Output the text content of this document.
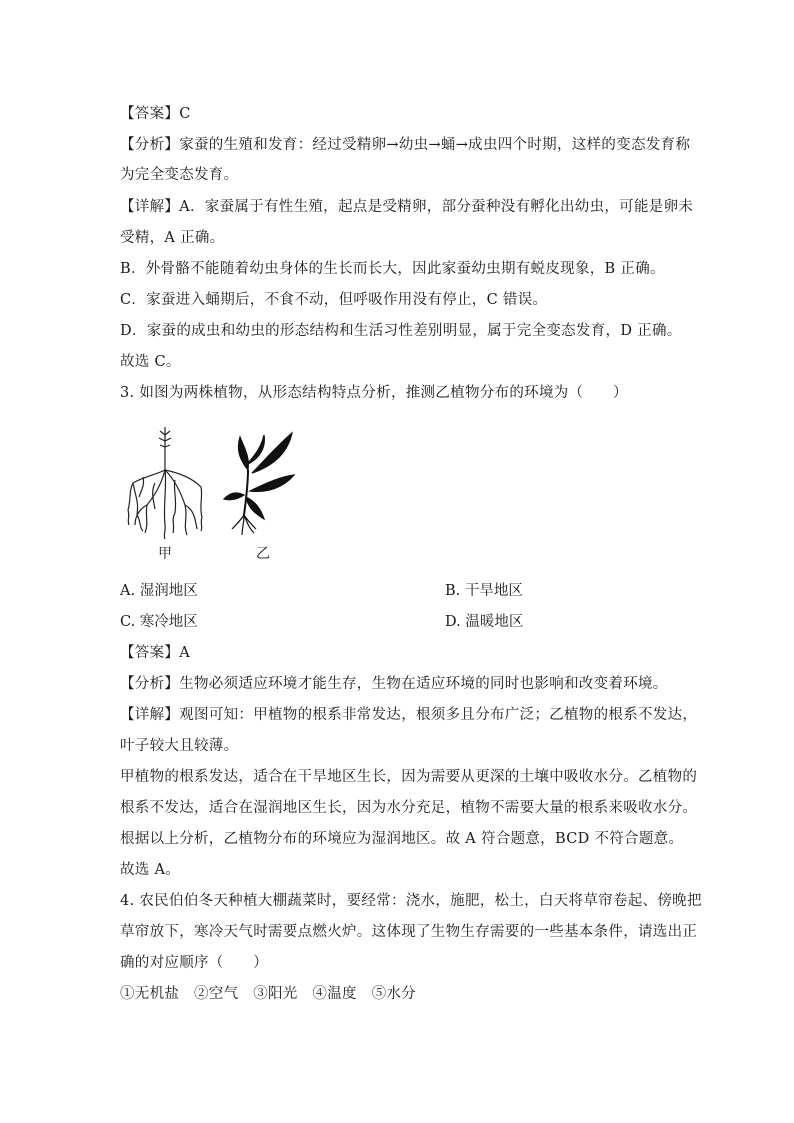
【答案】C
【分析】家蚕的生殖和发育：经过受精卵→幼虫→蛹→成虫四个时期，这样的变态发育称
为完全变态发育。
【详解】A．家蚕属于有性生殖，起点是受精卵，部分蚕种没有孵化出幼虫，可能是卵未
受精，A 正确。
B．外骨骼不能随着幼虫身体的生长而长大，因此家蚕幼虫期有蜕皮现象，B 正确。
C．家蚕进入蛹期后，不食不动，但呼吸作用没有停止，C 错误。
D．家蚕的成虫和幼虫的形态结构和生活习性差别明显，属于完全变态发育，D 正确。
故选 C。
3. 如图为两株植物，从形态结构特点分析，推测乙植物分布的环境为（　　）
甲	乙
A. 湿润地区	B. 干旱地区
C. 寒冷地区	D. 温暖地区
【答案】A
【分析】生物必须适应环境才能生存，生物在适应环境的同时也影响和改变着环境。
【详解】观图可知：甲植物的根系非常发达，根须多且分布广泛；乙植物的根系不发达，
叶子较大且较薄。
甲植物的根系发达，适合在干旱地区生长，因为需要从更深的土壤中吸收水分。乙植物的
根系不发达，适合在湿润地区生长，因为水分充足，植物不需要大量的根系来吸收水分。
根据以上分析，乙植物分布的环境应为湿润地区。故 A 符合题意，BCD 不符合题意。
故选 A。
4. 农民伯伯冬天种植大棚蔬菜时，要经常：浇水，施肥，松土，白天将草帘卷起、傍晚把
草帘放下，寒冷天气时需要点燃火炉。这体现了生物生存需要的一些基本条件，请选出正
确的对应顺序（　　）
①无机盐　②空气　③阳光　④温度　⑤水分
